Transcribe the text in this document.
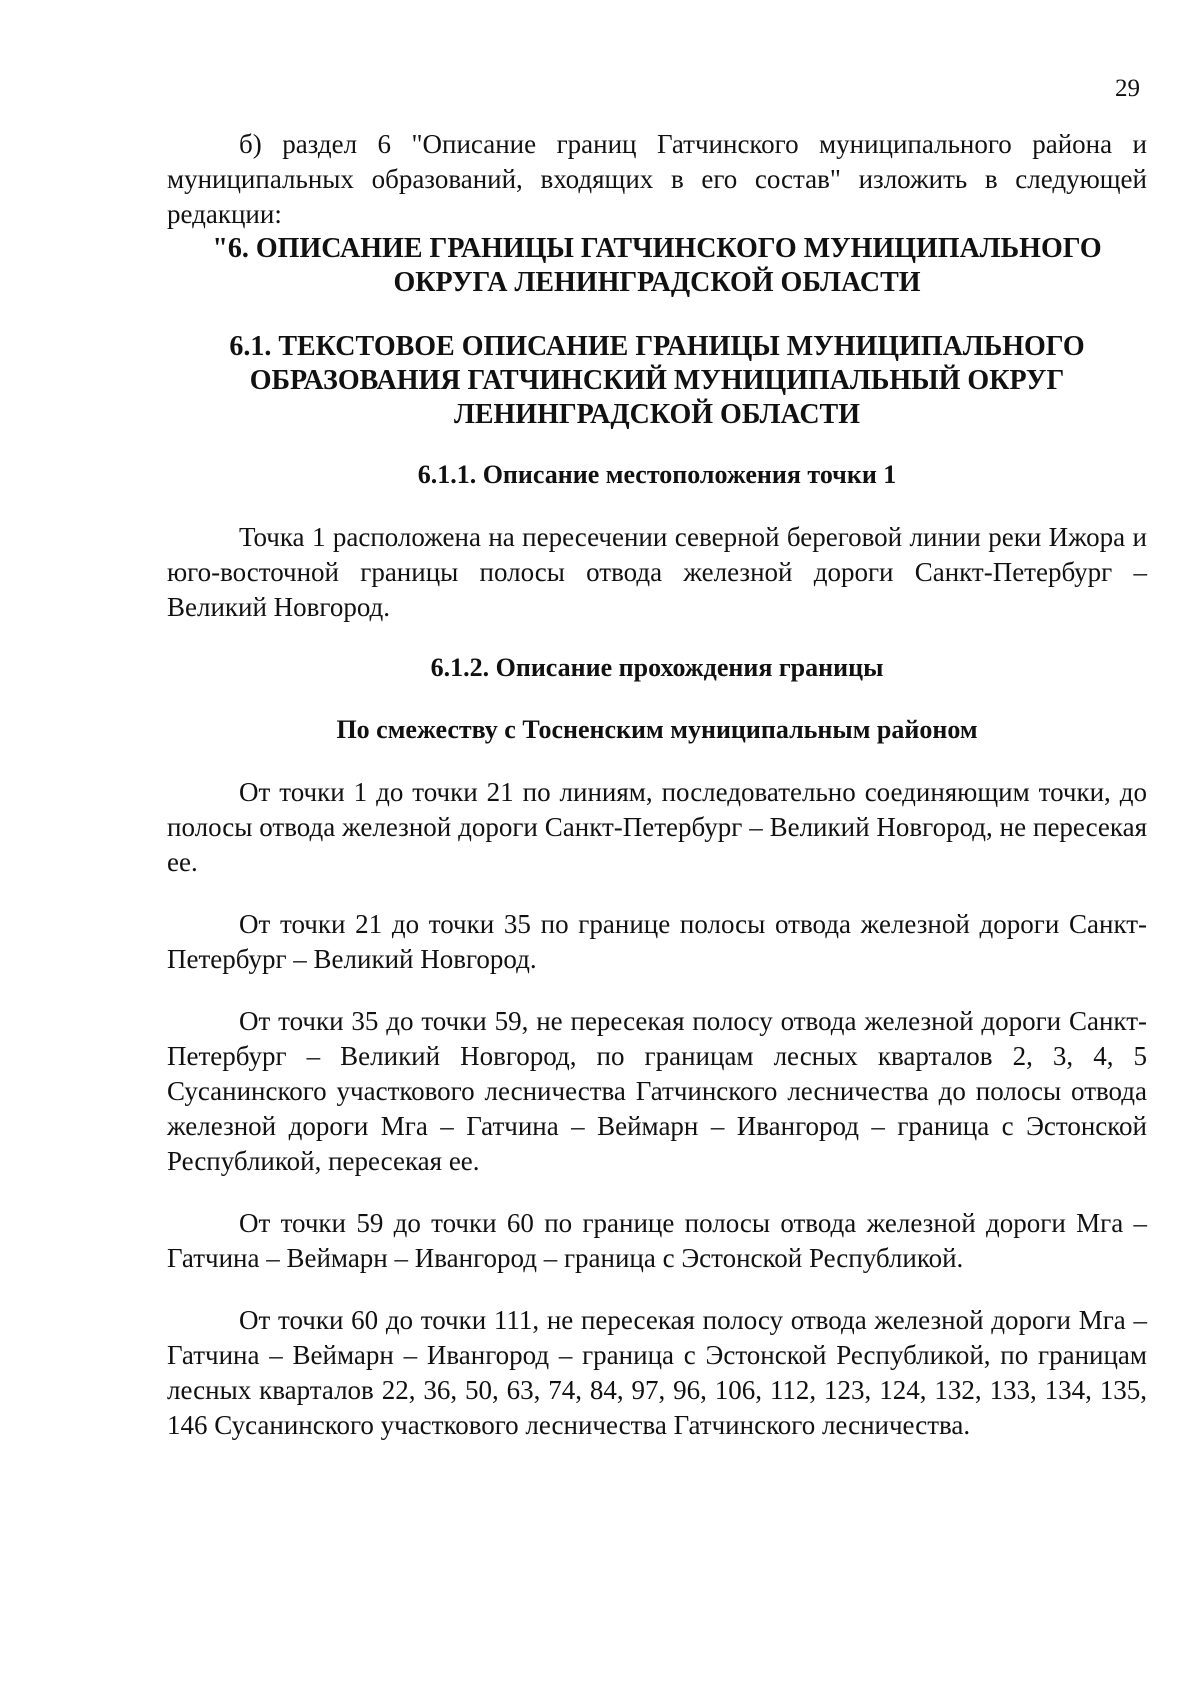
29

б) раздел 6 "Описание границ Гатчинского муниципального района и муниципальных образований, входящих в его состав" изложить в следующей редакции:

"6. ОПИСАНИЕ ГРАНИЦЫ ГАТЧИНСКОГО МУНИЦИПАЛЬНОГО ОКРУГА ЛЕНИНГРАДСКОЙ ОБЛАСТИ
6.1. ТЕКСТОВОЕ ОПИСАНИЕ ГРАНИЦЫ МУНИЦИПАЛЬНОГО ОБРАЗОВАНИЯ ГАТЧИНСКИЙ МУНИЦИПАЛЬНЫЙ ОКРУГ ЛЕНИНГРАДСКОЙ ОБЛАСТИ
6.1.1. Описание местоположения точки 1

Точка 1 расположена на пересечении северной береговой линии реки Ижора и юго-восточной границы полосы отвода железной дороги Санкт-Петербург – Великий Новгород.

6.1.2. Описание прохождения границы
По смежеству с Тосненским муниципальным районом

От точки 1 до точки 21 по линиям, последовательно соединяющим точки, до полосы отвода железной дороги Санкт-Петербург – Великий Новгород, не пересекая ее.

От точки 21 до точки 35 по границе полосы отвода железной дороги Санкт-Петербург – Великий Новгород.

От точки 35 до точки 59, не пересекая полосу отвода железной дороги Санкт-Петербург – Великий Новгород, по границам лесных кварталов 2, 3, 4, 5 Сусанинского участкового лесничества Гатчинского лесничества до полосы отвода железной дороги Мга – Гатчина – Веймарн – Ивангород – граница с Эстонской Республикой, пересекая ее.

От точки 59 до точки 60 по границе полосы отвода железной дороги Мга – Гатчина – Веймарн – Ивангород – граница с Эстонской Республикой.

От точки 60 до точки 111, не пересекая полосу отвода железной дороги Мга – Гатчина – Веймарн – Ивангород – граница с Эстонской Республикой, по границам лесных кварталов 22, 36, 50, 63, 74, 84, 97, 96, 106, 112, 123, 124, 132, 133, 134, 135, 146 Сусанинского участкового лесничества Гатчинского лесничества.
